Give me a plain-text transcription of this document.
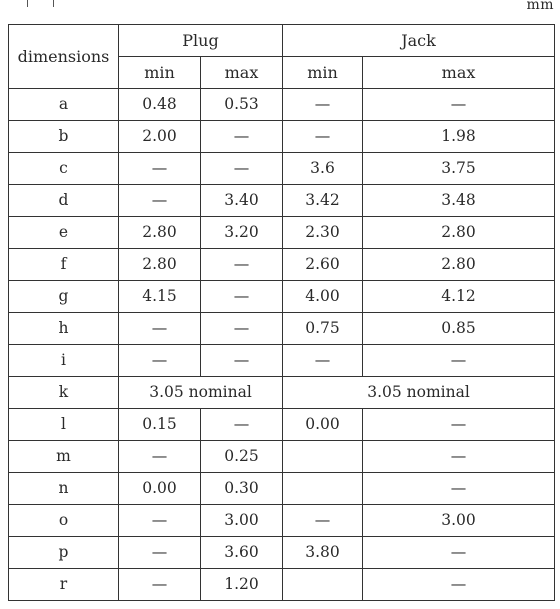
mm
dimensions	Plug		Jack	
	min	max	min	max
a	0.48	0.53	—	—
b	2.00	—	—	1.98
c	—	—	3.6	3.75
d	—	3.40	3.42	3.48
e	2.80	3.20	2.30	2.80
f	2.80	—	2.60	2.80
g	4.15	—	4.00	4.12
h	—	—	0.75	0.85
i	—	—	—	—
k	3.05 nominal		3.05 nominal	
l	0.15	—	0.00	—
m	—	0.25		—
n	0.00	0.30		—
o	—	3.00	—	3.00
p	—	3.60	3.80	—
r	—	1.20		—
